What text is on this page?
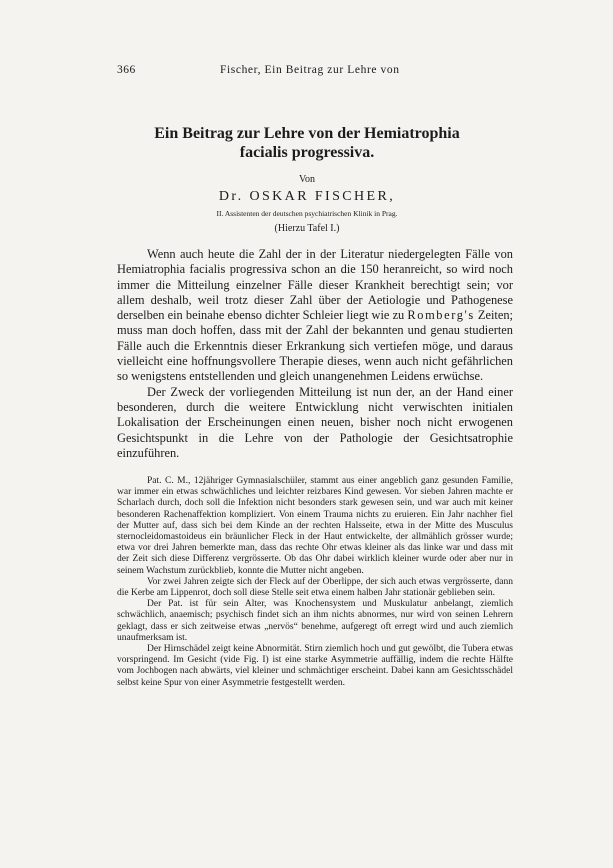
366	Fischer, Ein Beitrag zur Lehre von
Ein Beitrag zur Lehre von der Hemiatrophia
facialis progressiva.
Von
Dr. OSKAR FISCHER,
II. Assistenten der deutschen psychiatrischen Klinik in Prag.
(Hierzu Tafel I.)

Wenn auch heute die Zahl der in der Literatur niedergelegten Fälle von Hemiatrophia facialis progressiva schon an die 150 heranreicht, so wird noch immer die Mitteilung einzelner Fälle dieser Krankheit berechtigt sein; vor allem deshalb, weil trotz dieser Zahl über der Aetiologie und Pathogenese derselben ein beinahe ebenso dichter Schleier liegt wie zu Romberg's Zeiten; muss man doch hoffen, dass mit der Zahl der bekannten und genau studierten Fälle auch die Erkenntnis dieser Erkrankung sich vertiefen möge, und daraus vielleicht eine hoffnungsvollere Therapie dieses, wenn auch nicht gefährlichen so wenigstens entstellenden und gleich unangenehmen Leidens erwüchse.

Der Zweck der vorliegenden Mitteilung ist nun der, an der Hand einer besonderen, durch die weitere Entwicklung nicht verwischten initialen Lokalisation der Erscheinungen einen neuen, bisher noch nicht erwogenen Gesichtspunkt in die Lehre von der Pathologie der Gesichtsatrophie einzuführen.

Pat. C. M., 12jähriger Gymnasialschüler, stammt aus einer angeblich ganz gesunden Familie, war immer ein etwas schwächliches und leichter reizbares Kind gewesen. Vor sieben Jahren machte er Scharlach durch, doch soll die Infektion nicht besonders stark gewesen sein, und war auch mit keiner besonderen Rachenaffektion kompliziert. Von einem Trauma nichts zu eruieren. Ein Jahr nachher fiel der Mutter auf, dass sich bei dem Kinde an der rechten Halsseite, etwa in der Mitte des Musculus sternocleidomastoideus ein bräunlicher Fleck in der Haut entwickelte, der allmählich grösser wurde; etwa vor drei Jahren bemerkte man, dass das rechte Ohr etwas kleiner als das linke war und dass mit der Zeit sich diese Differenz vergrösserte. Ob das Ohr dabei wirklich kleiner wurde oder aber nur in seinem Wachstum zurückblieb, konnte die Mutter nicht angeben.

Vor zwei Jahren zeigte sich der Fleck auf der Oberlippe, der sich auch etwas vergrösserte, dann die Kerbe am Lippenrot, doch soll diese Stelle seit etwa einem halben Jahr stationär geblieben sein.

Der Pat. ist für sein Alter, was Knochensystem und Muskulatur anbelangt, ziemlich schwächlich, anaemisch; psychisch findet sich an ihm nichts abnormes, nur wird von seinen Lehrern geklagt, dass er sich zeitweise etwas „nervös“ benehme, aufgeregt oft erregt wird und auch ziemlich unaufmerksam ist.

Der Hirnschädel zeigt keine Abnormität. Stirn ziemlich hoch und gut gewölbt, die Tubera etwas vorspringend. Im Gesicht (vide Fig. I) ist eine starke Asymmetrie auffällig, indem die rechte Hälfte vom Jochbogen nach abwärts, viel kleiner und schmächtiger erscheint. Dabei kann am Gesichtsschädel selbst keine Spur von einer Asymmetrie festgestellt werden.
